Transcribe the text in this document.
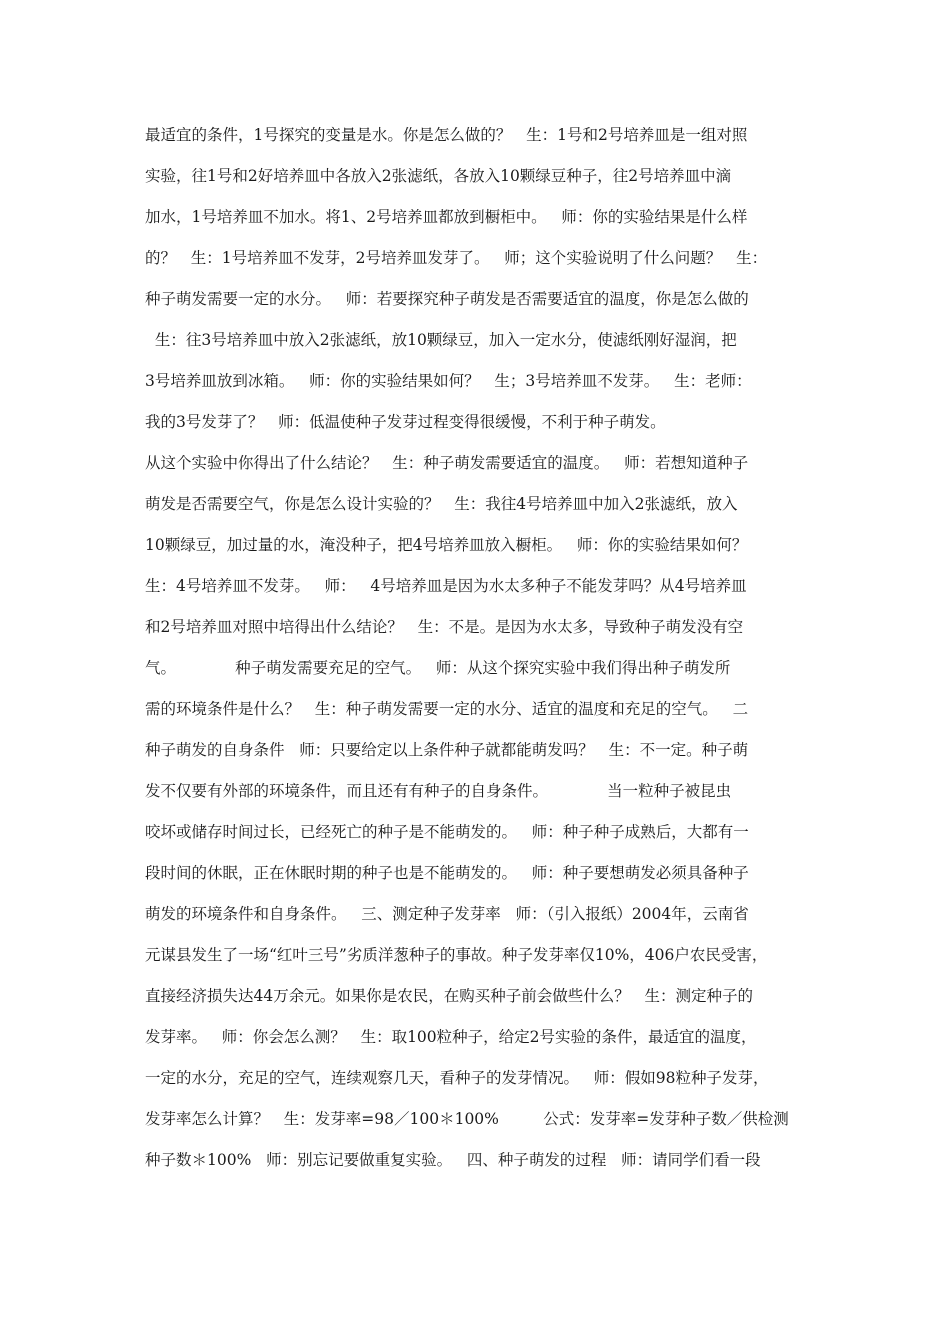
最适宜的条件，1号探究的变量是水。你是怎么做的？   生：1号和2号培养皿是一组对照
实验，往1号和2好培养皿中各放入2张滤纸，各放入10颗绿豆种子，往2号培养皿中滴
加水，1号培养皿不加水。将1、2号培养皿都放到橱柜中。   师：你的实验结果是什么样
的？   生：1号培养皿不发芽，2号培养皿发芽了。   师；这个实验说明了什么问题？   生：
种子萌发需要一定的水分。   师：若要探究种子萌发是否需要适宜的温度，你是怎么做的
生：往3号培养皿中放入2张滤纸，放10颗绿豆，加入一定水分，使滤纸刚好湿润，把
3号培养皿放到冰箱。   师：你的实验结果如何？   生；3号培养皿不发芽。   生：老师：
我的3号发芽了？   师：低温使种子发芽过程变得很缓慢，不利于种子萌发。
从这个实验中你得出了什么结论？   生：种子萌发需要适宜的温度。   师：若想知道种子
萌发是否需要空气，你是怎么设计实验的？   生：我往4号培养皿中加入2张滤纸，放入
10颗绿豆，加过量的水，淹没种子，把4号培养皿放入橱柜。   师：你的实验结果如何？
生：4号培养皿不发芽。   师：   4号培养皿是因为水太多种子不能发芽吗？从4号培养皿
和2号培养皿对照中培得出什么结论？   生：不是。是因为水太多，导致种子萌发没有空
气。            种子萌发需要充足的空气。   师：从这个探究实验中我们得出种子萌发所
需的环境条件是什么？   生：种子萌发需要一定的水分、适宜的温度和充足的空气。   二
种子萌发的自身条件   师：只要给定以上条件种子就都能萌发吗？   生：不一定。种子萌
发不仅要有外部的环境条件，而且还有有种子的自身条件。            当一粒种子被昆虫
咬坏或储存时间过长，已经死亡的种子是不能萌发的。   师：种子种子成熟后，大都有一
段时间的休眠，正在休眠时期的种子也是不能萌发的。   师：种子要想萌发必须具备种子
萌发的环境条件和自身条件。   三、测定种子发芽率   师：（引入报纸）2004年，云南省
元谋县发生了一场“红叶三号”劣质洋葱种子的事故。种子发芽率仅10%，406户农民受害，
直接经济损失达44万余元。如果你是农民，在购买种子前会做些什么？   生：测定种子的
发芽率。   师：你会怎么测？   生：取100粒种子，给定2号实验的条件，最适宜的温度，
一定的水分，充足的空气，连续观察几天，看种子的发芽情况。   师：假如98粒种子发芽，
发芽率怎么计算？   生：发芽率=98／100＊100%         公式：发芽率=发芽种子数／供检测
种子数＊100%   师：别忘记要做重复实验。   四、种子萌发的过程   师：请同学们看一段
